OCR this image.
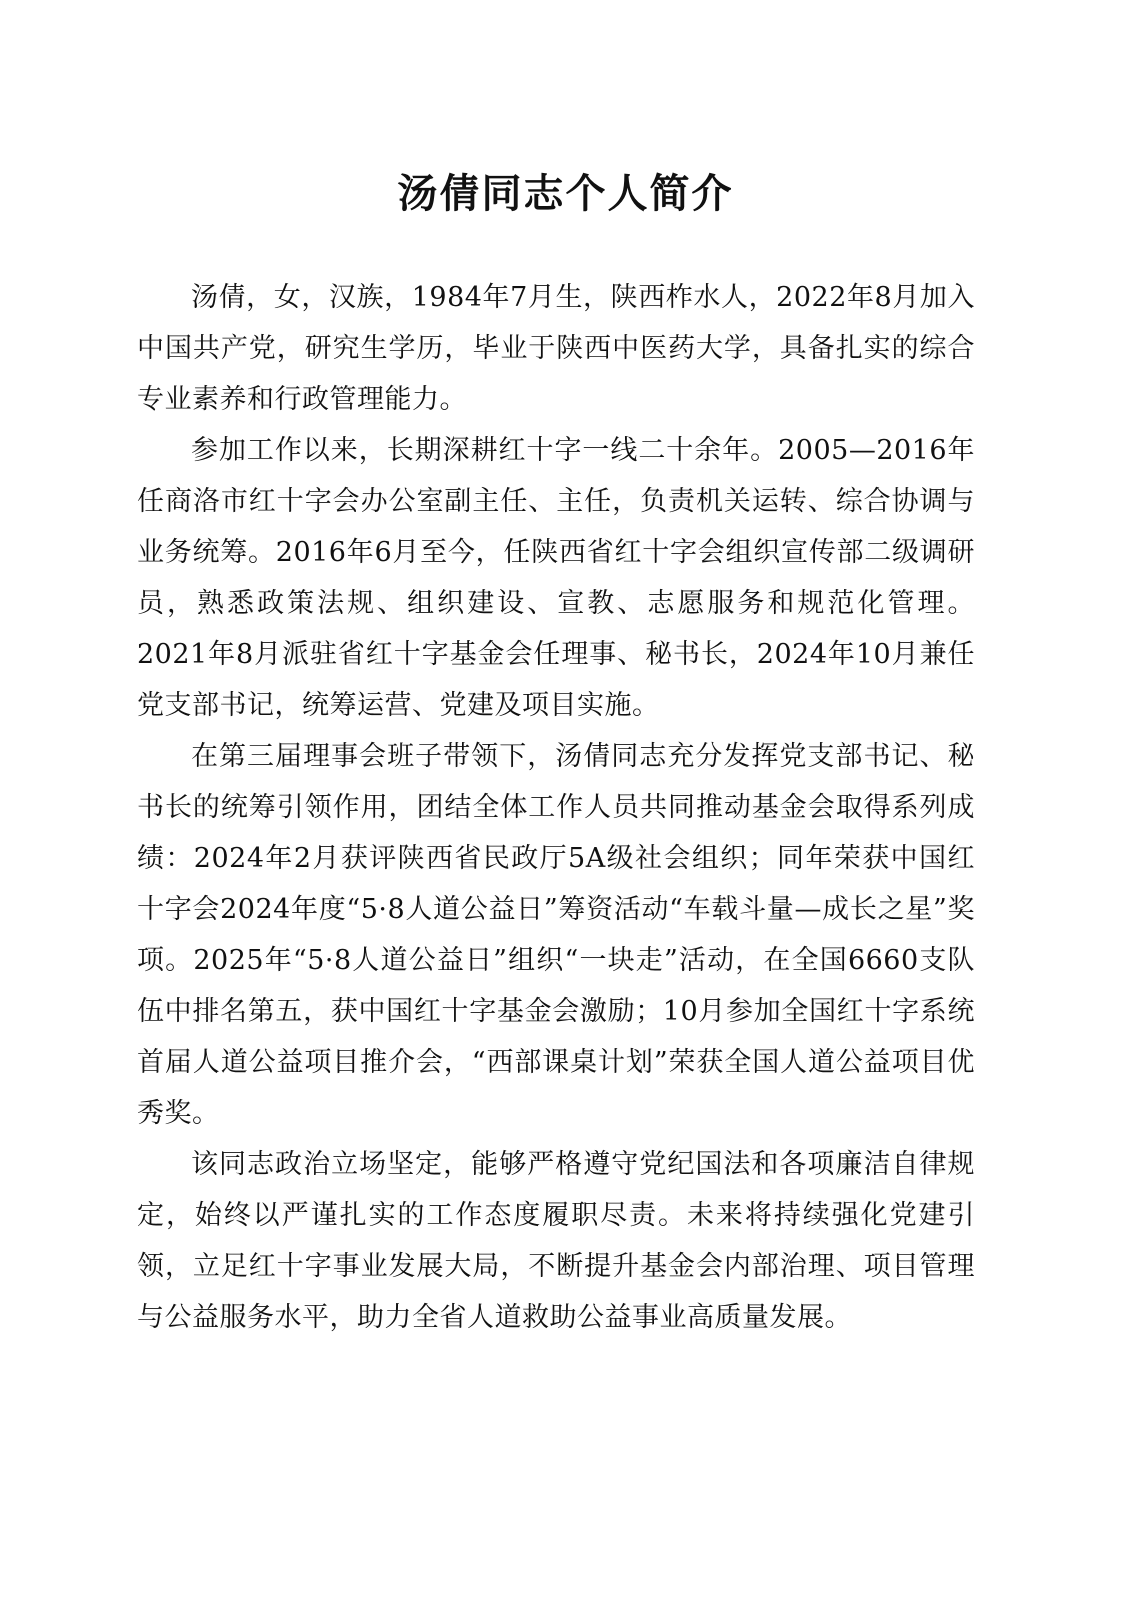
汤倩同志个人简介

汤倩，女，汉族，1984年7月生，陕西柞水人，2022年8月加入中国共产党，研究生学历，毕业于陕西中医药大学，具备扎实的综合专业素养和行政管理能力。

参加工作以来，长期深耕红十字一线二十余年。2005—2016年任商洛市红十字会办公室副主任、主任，负责机关运转、综合协调与业务统筹。2016年6月至今，任陕西省红十字会组织宣传部二级调研员，熟悉政策法规、组织建设、宣教、志愿服务和规范化管理。2021年8月派驻省红十字基金会任理事、秘书长，2024年10月兼任党支部书记，统筹运营、党建及项目实施。

在第三届理事会班子带领下，汤倩同志充分发挥党支部书记、秘书长的统筹引领作用，团结全体工作人员共同推动基金会取得系列成绩：2024年2月获评陕西省民政厅5A级社会组织；同年荣获中国红十字会2024年度“5·8人道公益日”筹资活动“车载斗量—成长之星”奖项。2025年“5·8人道公益日”组织“一块走”活动，在全国6660支队伍中排名第五，获中国红十字基金会激励；10月参加全国红十字系统首届人道公益项目推介会，“西部课桌计划”荣获全国人道公益项目优秀奖。

该同志政治立场坚定，能够严格遵守党纪国法和各项廉洁自律规定，始终以严谨扎实的工作态度履职尽责。未来将持续强化党建引领，立足红十字事业发展大局，不断提升基金会内部治理、项目管理与公益服务水平，助力全省人道救助公益事业高质量发展。
